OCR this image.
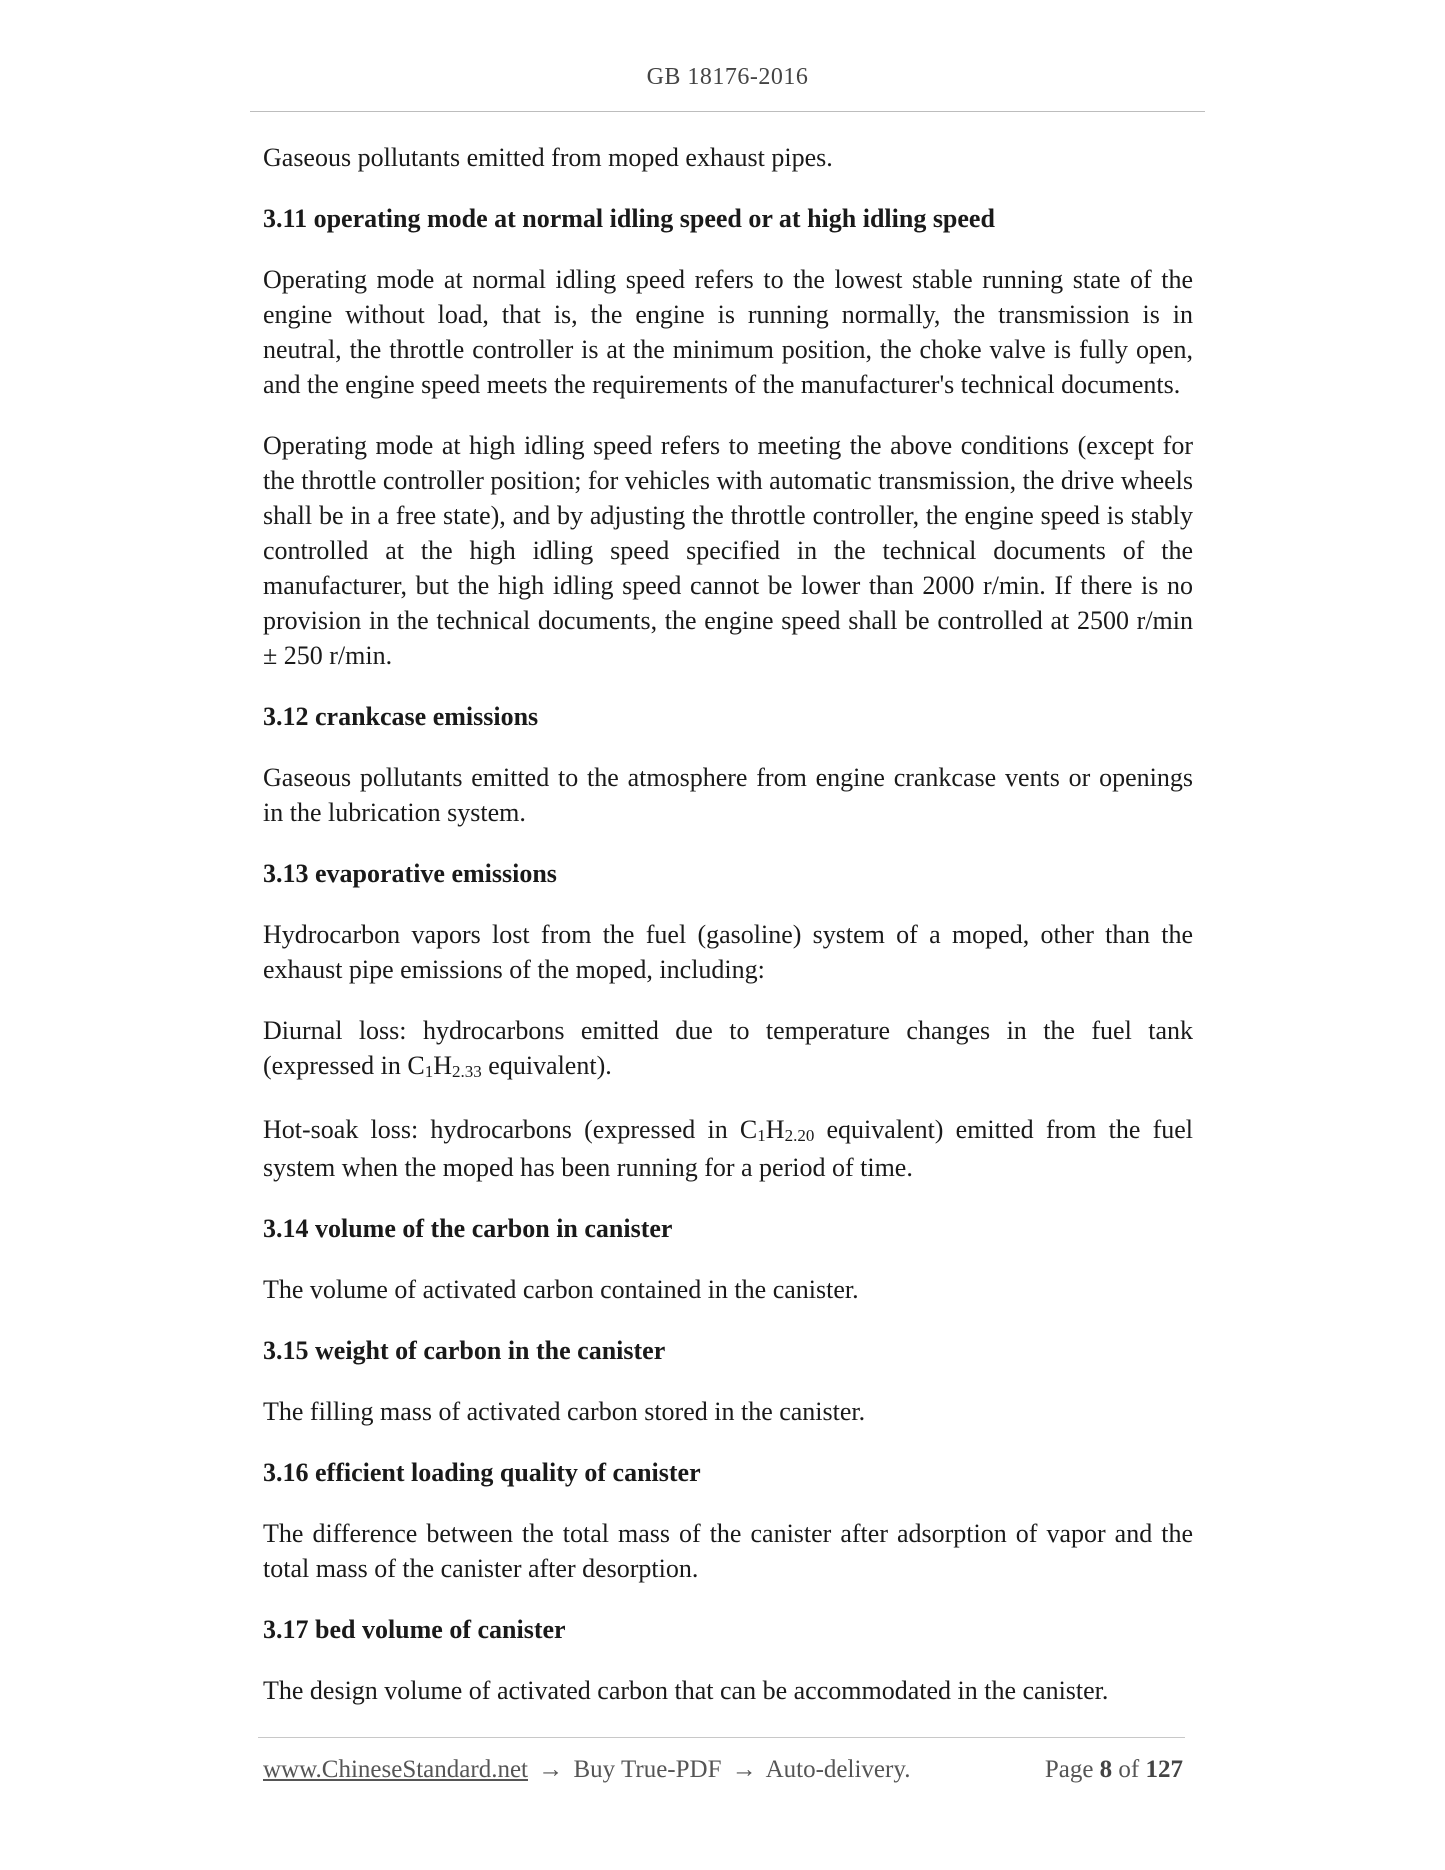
GB 18176-2016

Gaseous pollutants emitted from moped exhaust pipes.

3.11 operating mode at normal idling speed or at high idling speed

Operating mode at normal idling speed refers to the lowest stable running state of the engine without load, that is, the engine is running normally, the transmission is in neutral, the throttle controller is at the minimum position, the choke valve is fully open, and the engine speed meets the requirements of the manufacturer's technical documents.

Operating mode at high idling speed refers to meeting the above conditions (except for the throttle controller position; for vehicles with automatic transmission, the drive wheels shall be in a free state), and by adjusting the throttle controller, the engine speed is stably controlled at the high idling speed specified in the technical documents of the manufacturer, but the high idling speed cannot be lower than 2000 r/min. If there is no provision in the technical documents, the engine speed shall be controlled at 2500 r/min ± 250 r/min.

3.12 crankcase emissions

Gaseous pollutants emitted to the atmosphere from engine crankcase vents or openings in the lubrication system.

3.13 evaporative emissions

Hydrocarbon vapors lost from the fuel (gasoline) system of a moped, other than the exhaust pipe emissions of the moped, including:

Diurnal loss: hydrocarbons emitted due to temperature changes in the fuel tank (expressed in C1H2.33 equivalent).

Hot-soak loss: hydrocarbons (expressed in C1H2.20 equivalent) emitted from the fuel system when the moped has been running for a period of time.

3.14 volume of the carbon in canister

The volume of activated carbon contained in the canister.

3.15 weight of carbon in the canister

The filling mass of activated carbon stored in the canister.

3.16 efficient loading quality of canister

The difference between the total mass of the canister after adsorption of vapor and the total mass of the canister after desorption.

3.17 bed volume of canister

The design volume of activated carbon that can be accommodated in the canister.

www.ChineseStandard.net → Buy True-PDF → Auto-delivery.	Page 8 of 127
